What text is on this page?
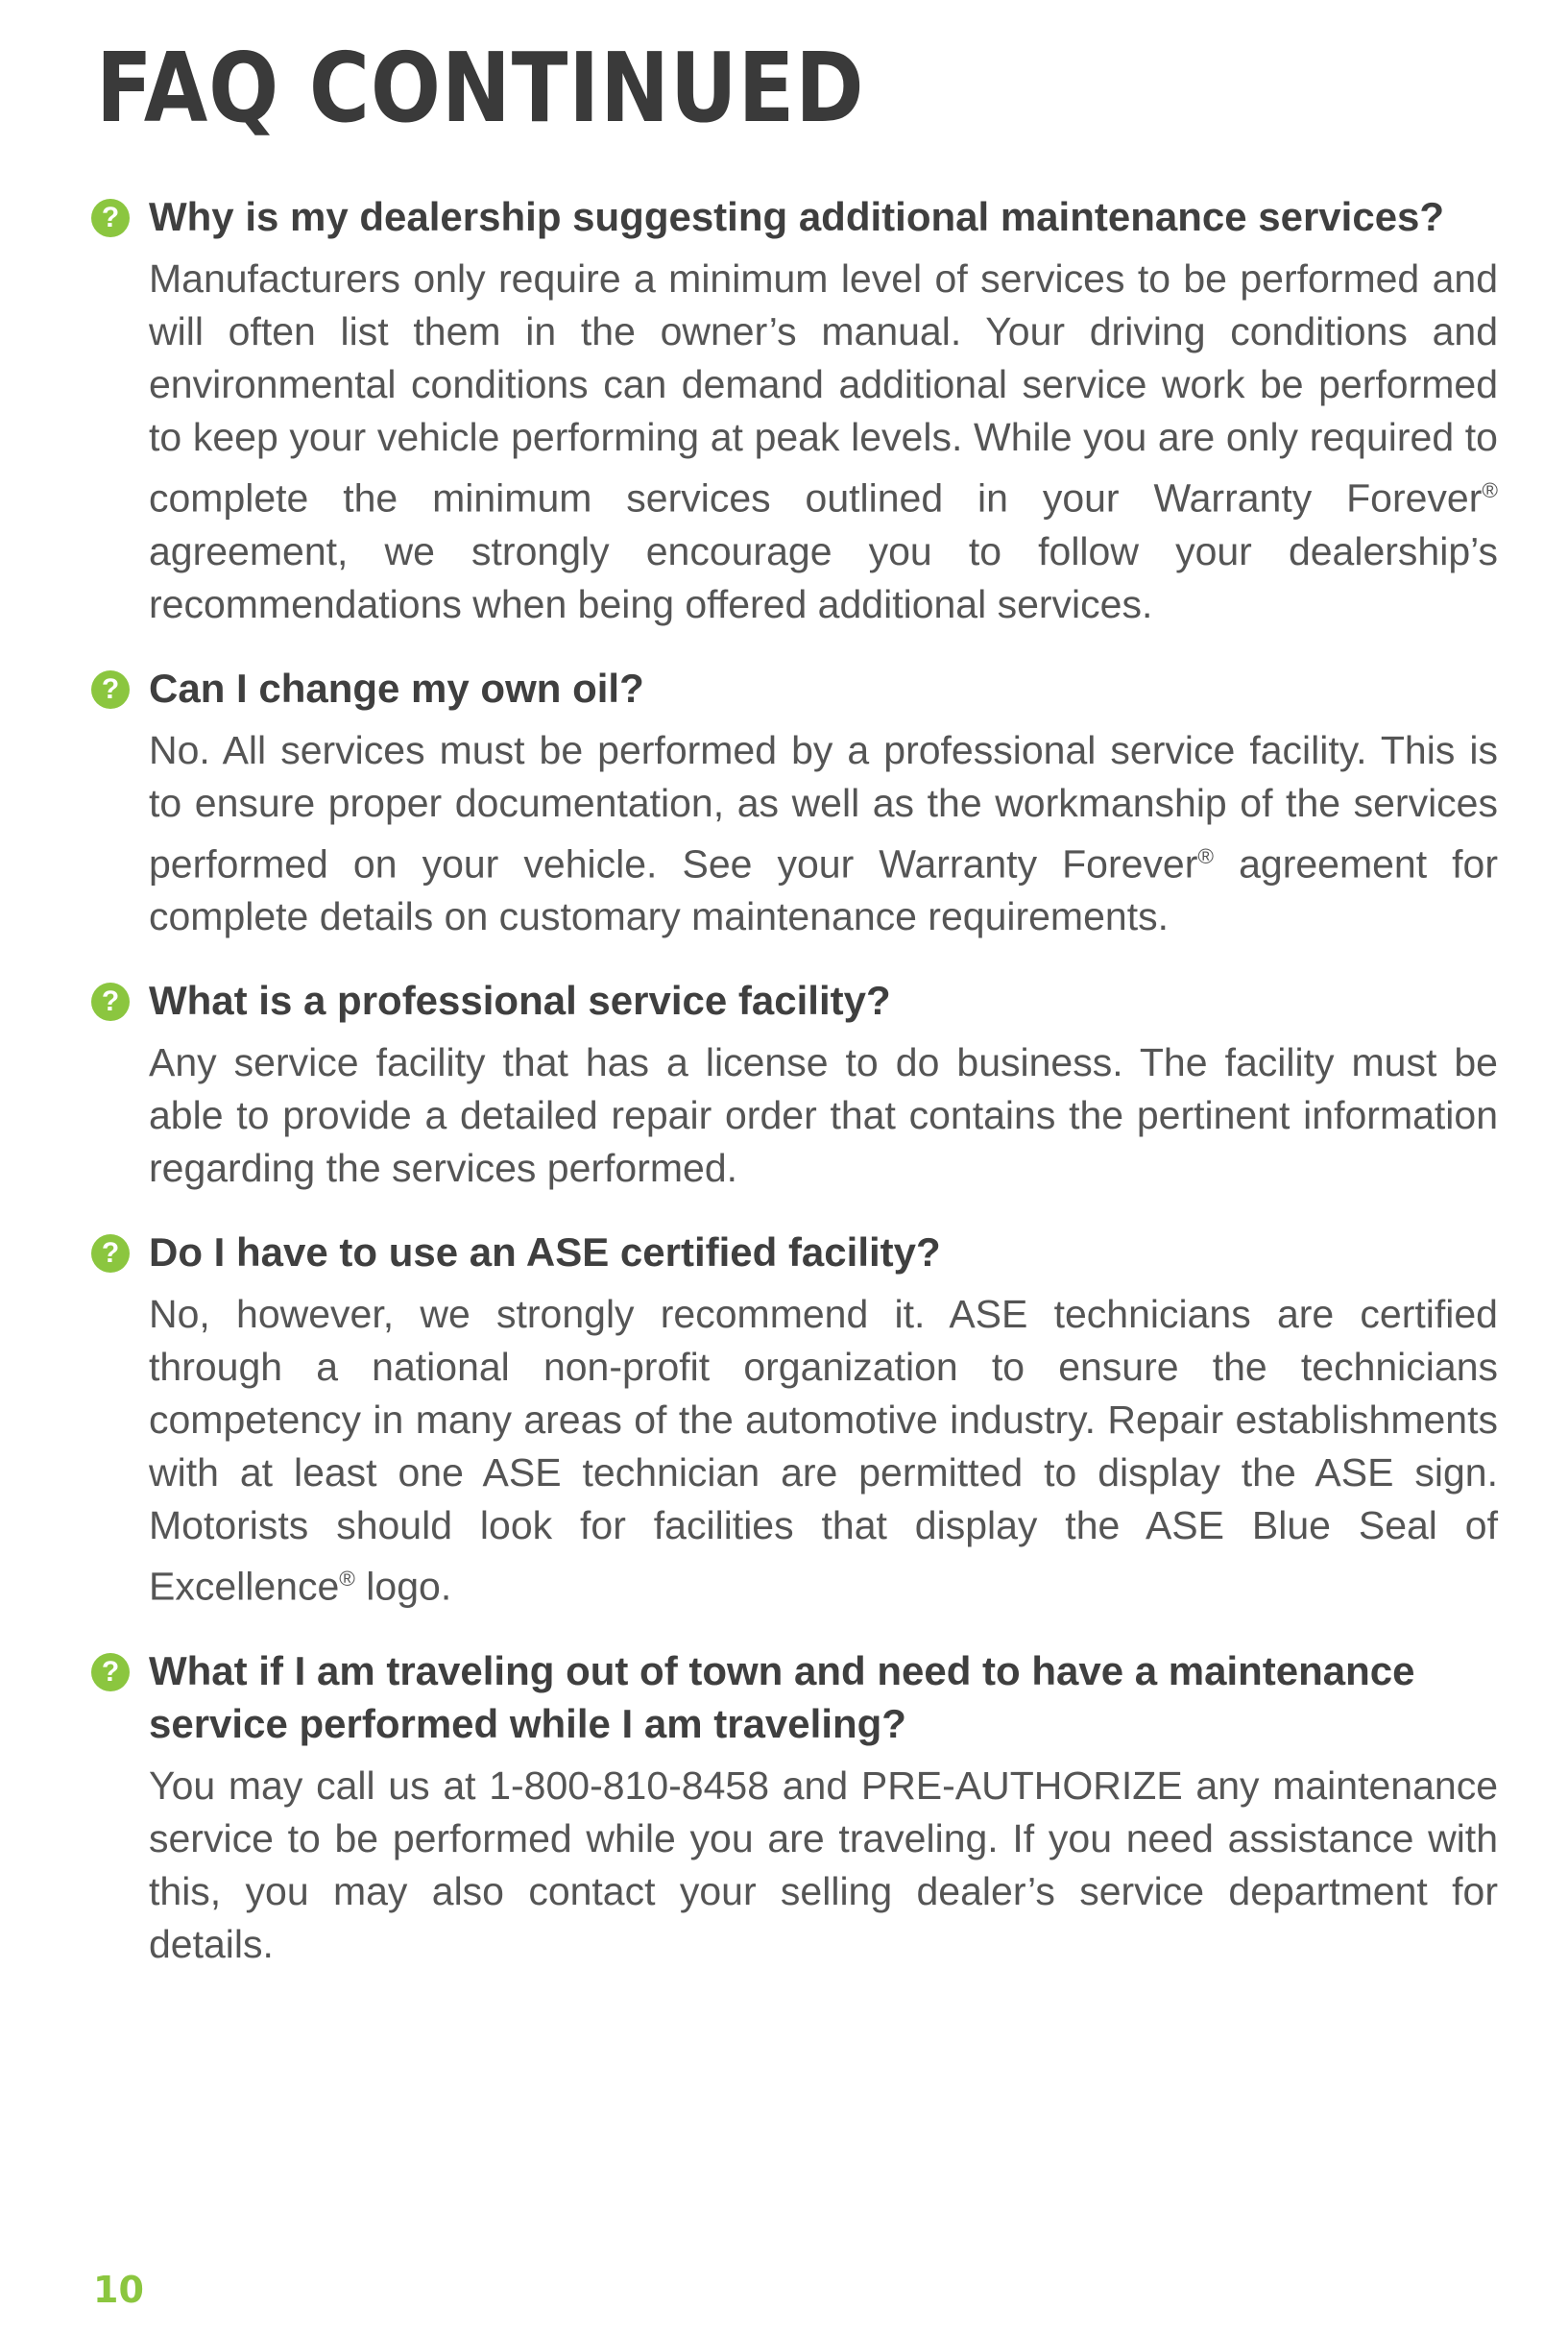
FAQ CONTINUED
? Why is my dealership suggesting additional maintenance services?

Manufacturers only require a minimum level of services to be performed and will often list them in the owner’s manual. Your driving conditions and environmental conditions can demand additional service work be performed to keep your vehicle performing at peak levels. While you are only required to complete the minimum services outlined in your Warranty Forever® agreement, we strongly encourage you to follow your dealership’s recommendations when being offered additional services.

? Can I change my own oil?

No. All services must be performed by a professional service facility. This is to ensure proper documentation, as well as the workmanship of the services performed on your vehicle. See your Warranty Forever® agreement for complete details on customary maintenance requirements.

? What is a professional service facility?

Any service facility that has a license to do business. The facility must be able to provide a detailed repair order that contains the pertinent information regarding the services performed.

? Do I have to use an ASE certified facility?

No, however, we strongly recommend it. ASE technicians are certified through a national non-profit organization to ensure the technicians competency in many areas of the automotive industry. Repair establishments with at least one ASE technician are permitted to display the ASE sign. Motorists should look for facilities that display the ASE Blue Seal of Excellence® logo.

? What if I am traveling out of town and need to have a maintenance service performed while I am traveling?

You may call us at 1-800-810-8458 and PRE-AUTHORIZE any maintenance service to be performed while you are traveling. If you need assistance with this, you may also contact your selling dealer’s service department for details.

10
